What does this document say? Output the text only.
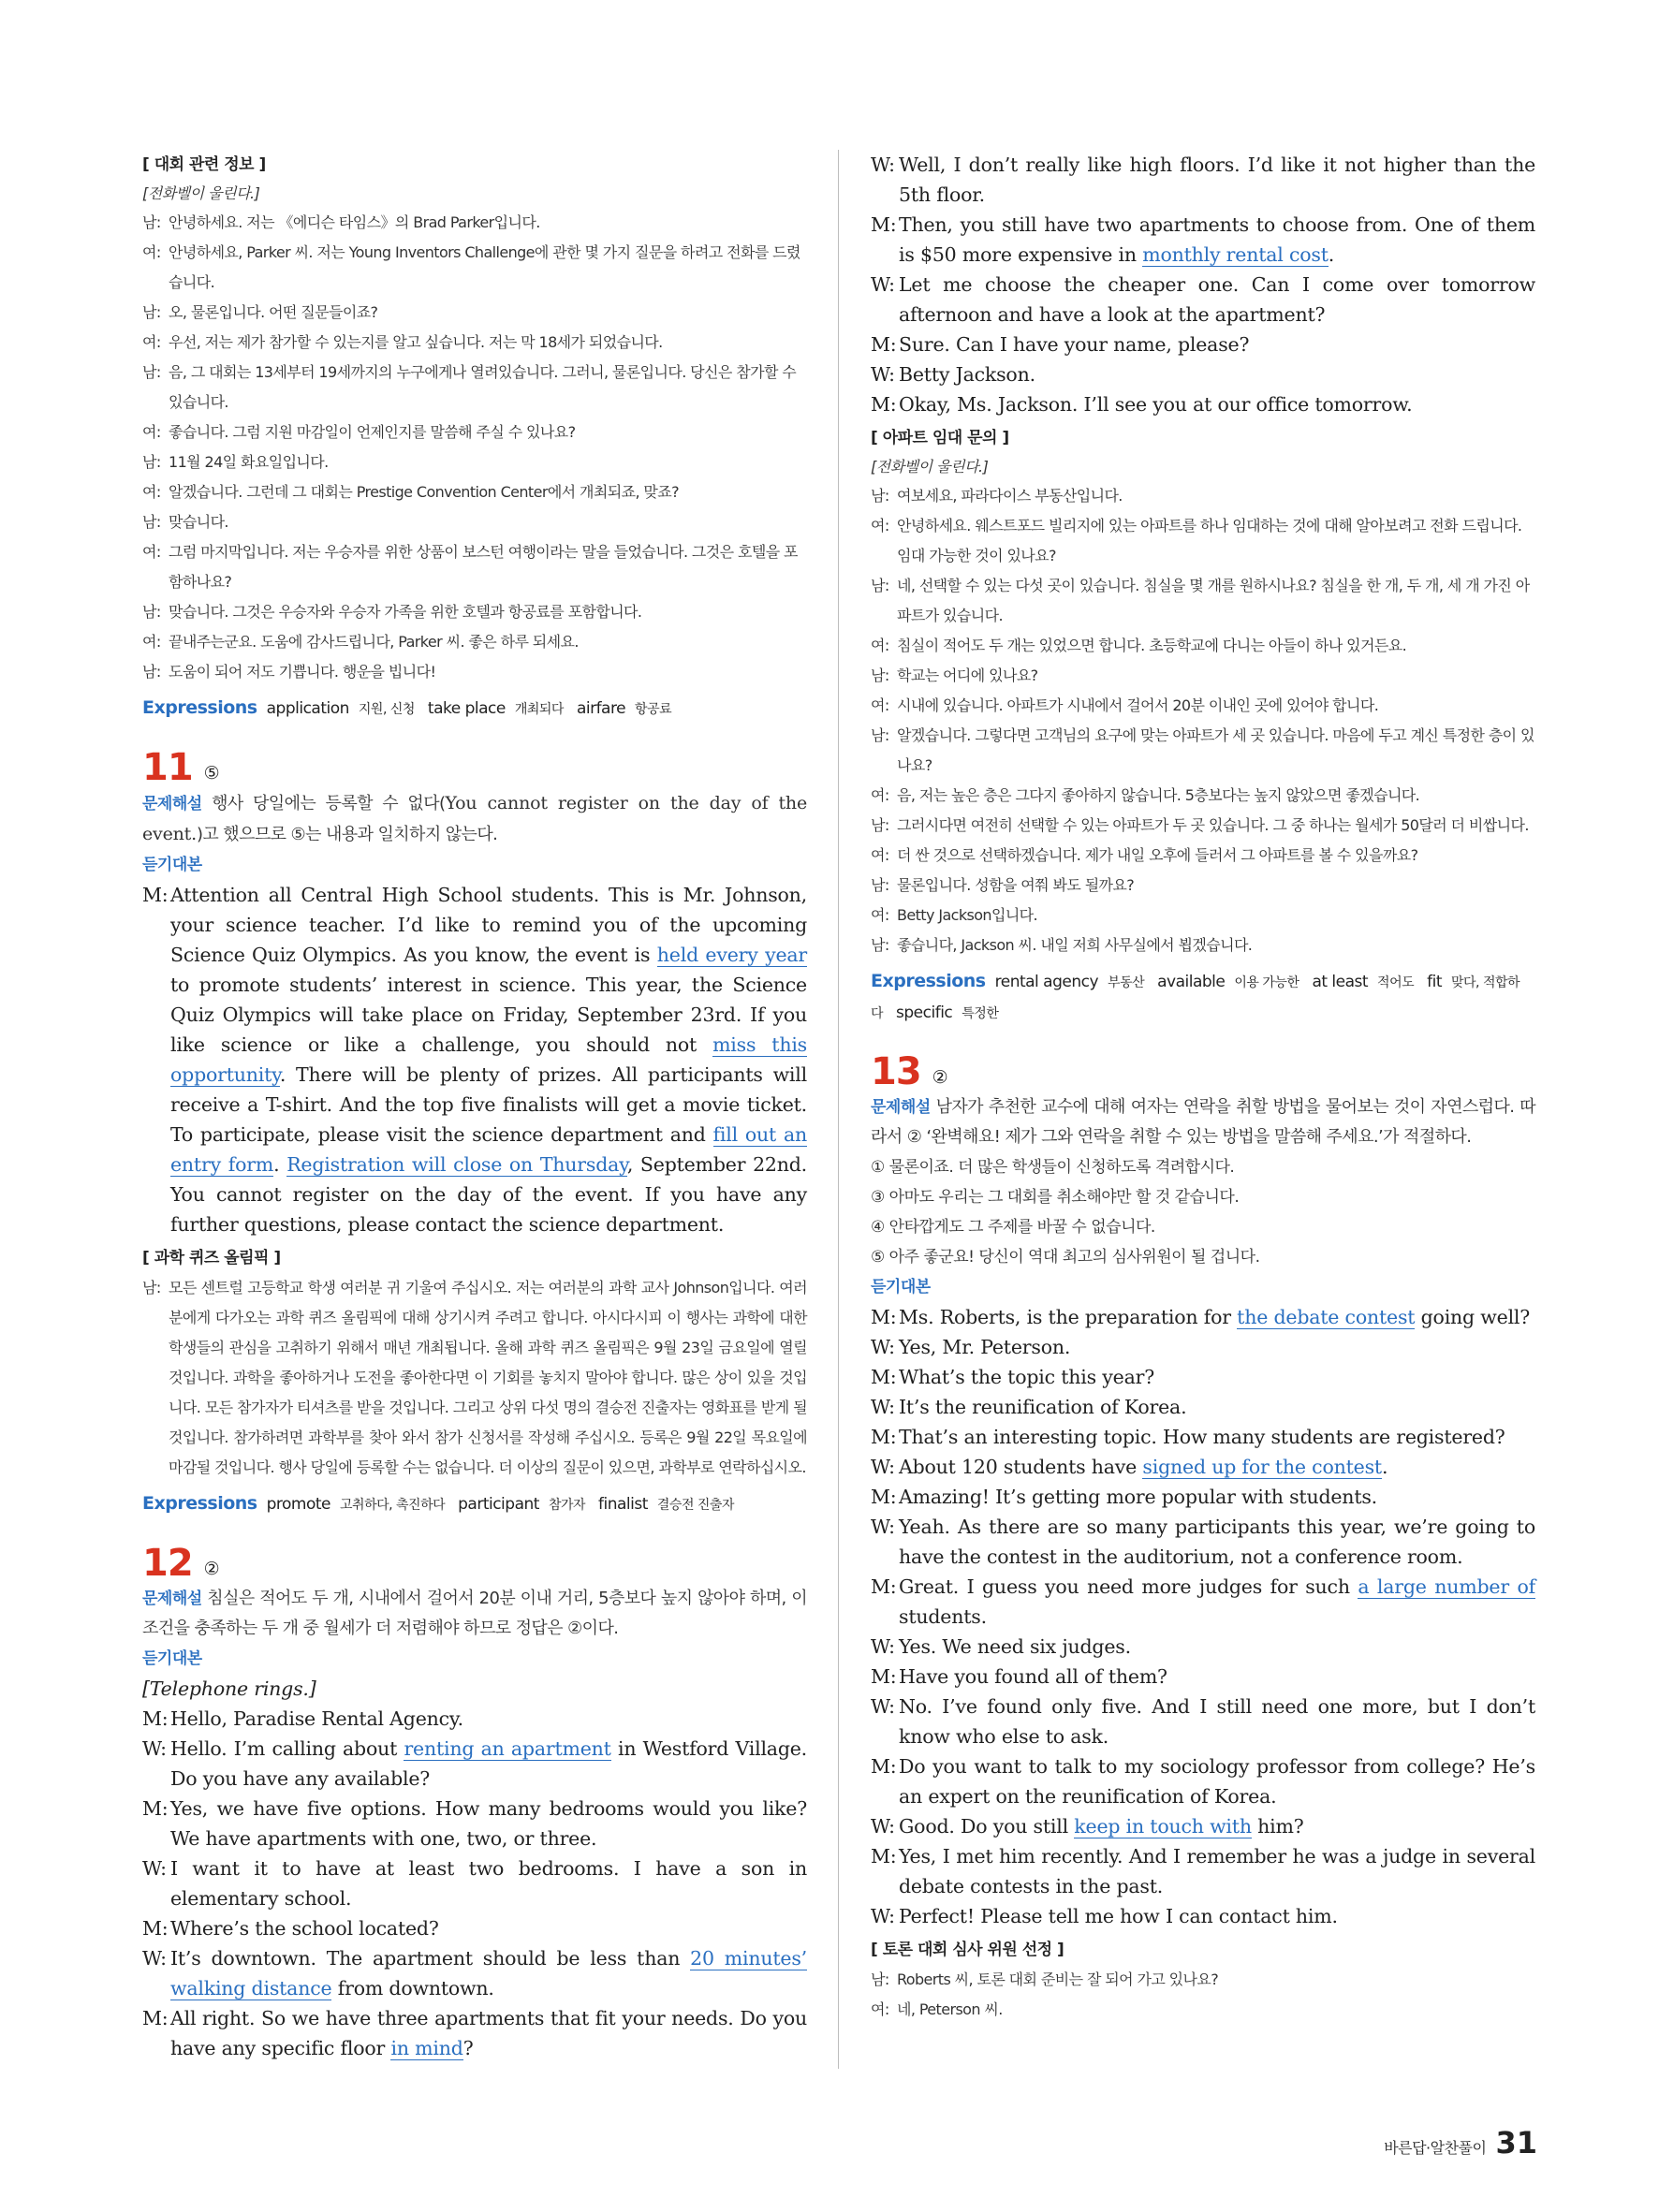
[ 대회 관련 정보 ]
[전화벨이 울린다.]
남: 안녕하세요. 저는 《에디슨 타임스》의 Brad Parker입니다.
여: 안녕하세요, Parker 씨. 저는 Young Inventors Challenge에 관한 몇 가지 질문을 하려고 전화를 드렸습니다.
남: 오, 물론입니다. 어떤 질문들이죠?
여: 우선, 저는 제가 참가할 수 있는지를 알고 싶습니다. 저는 막 18세가 되었습니다.
남: 음, 그 대회는 13세부터 19세까지의 누구에게나 열려있습니다. 그러니, 물론입니다. 당신은 참가할 수 있습니다.
여: 좋습니다. 그럼 지원 마감일이 언제인지를 말씀해 주실 수 있나요?
남: 11월 24일 화요일입니다.
여: 알겠습니다. 그런데 그 대회는 Prestige Convention Center에서 개최되죠, 맞죠?
남: 맞습니다.
여: 그럼 마지막입니다. 저는 우승자를 위한 상품이 보스턴 여행이라는 말을 들었습니다. 그것은 호텔을 포함하나요?
남: 맞습니다. 그것은 우승자와 우승자 가족을 위한 호텔과 항공료를 포함합니다.
여: 끝내주는군요. 도움에 감사드립니다, Parker 씨. 좋은 하루 되세요.
남: 도움이 되어 저도 기쁩니다. 행운을 빕니다!
Expressions application 지원, 신청 take place 개최되다 airfare 항공료
11 ⑤
문제해설 행사 당일에는 등록할 수 없다(You cannot register on the day of the event.)고 했으므로 ⑤는 내용과 일치하지 않는다.
듣기대본
M: Attention all Central High School students. This is Mr. Johnson, your science teacher. I’d like to remind you of the upcoming Science Quiz Olympics. As you know, the event is held every year to promote students’ interest in science. This year, the Science Quiz Olympics will take place on Friday, September 23rd. If you like science or like a challenge, you should not miss this opportunity. There will be plenty of prizes. All participants will receive a T-shirt. And the top five finalists will get a movie ticket. To participate, please visit the science department and fill out an entry form. Registration will close on Thursday, September 22nd. You cannot register on the day of the event. If you have any further questions, please contact the science department.
[ 과학 퀴즈 올림픽 ]
남: 모든 센트럴 고등학교 학생 여러분 귀 기울여 주십시오. 저는 여러분의 과학 교사 Johnson입니다. 여러분에게 다가오는 과학 퀴즈 올림픽에 대해 상기시켜 주려고 합니다. 아시다시피 이 행사는 과학에 대한 학생들의 관심을 고취하기 위해서 매년 개최됩니다. 올해 과학 퀴즈 올림픽은 9월 23일 금요일에 열릴 것입니다. 과학을 좋아하거나 도전을 좋아한다면 이 기회를 놓치지 말아야 합니다. 많은 상이 있을 것입니다. 모든 참가자가 티셔츠를 받을 것입니다. 그리고 상위 다섯 명의 결승전 진출자는 영화표를 받게 될 것입니다. 참가하려면 과학부를 찾아 와서 참가 신청서를 작성해 주십시오. 등록은 9월 22일 목요일에 마감될 것입니다. 행사 당일에 등록할 수는 없습니다. 더 이상의 질문이 있으면, 과학부로 연락하십시오.
Expressions promote 고취하다, 촉진하다 participant 참가자 finalist 결승전 진출자
12 ②
문제해설 침실은 적어도 두 개, 시내에서 걸어서 20분 이내 거리, 5층보다 높지 않아야 하며, 이 조건을 충족하는 두 개 중 월세가 더 저렴해야 하므로 정답은 ②이다.
듣기대본
[Telephone rings.]
M: Hello, Paradise Rental Agency.
W: Hello. I’m calling about renting an apartment in Westford Village. Do you have any available?
M: Yes, we have five options. How many bedrooms would you like? We have apartments with one, two, or three.
W: I want it to have at least two bedrooms. I have a son in elementary school.
M: Where’s the school located?
W: It’s downtown. The apartment should be less than 20 minutes’ walking distance from downtown.
M: All right. So we have three apartments that fit your needs. Do you have any specific floor in mind?
W: Well, I don’t really like high floors. I’d like it not higher than the 5th floor.
M: Then, you still have two apartments to choose from. One of them is $50 more expensive in monthly rental cost.
W: Let me choose the cheaper one. Can I come over tomorrow afternoon and have a look at the apartment?
M: Sure. Can I have your name, please?
W: Betty Jackson.
M: Okay, Ms. Jackson. I’ll see you at our office tomorrow.
[ 아파트 임대 문의 ]
[전화벨이 울린다.]
남: 여보세요, 파라다이스 부동산입니다.
여: 안녕하세요. 웨스트포드 빌리지에 있는 아파트를 하나 임대하는 것에 대해 알아보려고 전화 드립니다. 임대 가능한 것이 있나요?
남: 네, 선택할 수 있는 다섯 곳이 있습니다. 침실을 몇 개를 원하시나요? 침실을 한 개, 두 개, 세 개 가진 아파트가 있습니다.
여: 침실이 적어도 두 개는 있었으면 합니다. 초등학교에 다니는 아들이 하나 있거든요.
남: 학교는 어디에 있나요?
여: 시내에 있습니다. 아파트가 시내에서 걸어서 20분 이내인 곳에 있어야 합니다.
남: 알겠습니다. 그렇다면 고객님의 요구에 맞는 아파트가 세 곳 있습니다. 마음에 두고 계신 특정한 층이 있나요?
여: 음, 저는 높은 층은 그다지 좋아하지 않습니다. 5층보다는 높지 않았으면 좋겠습니다.
남: 그러시다면 여전히 선택할 수 있는 아파트가 두 곳 있습니다. 그 중 하나는 월세가 50달러 더 비쌉니다.
여: 더 싼 것으로 선택하겠습니다. 제가 내일 오후에 들러서 그 아파트를 볼 수 있을까요?
남: 물론입니다. 성함을 여쭤 봐도 될까요?
여: Betty Jackson입니다.
남: 좋습니다, Jackson 씨. 내일 저희 사무실에서 뵙겠습니다.
Expressions rental agency 부동산 available 이용 가능한 at least 적어도 fit 맞다, 적합하다 specific 특정한
13 ②
문제해설 남자가 추천한 교수에 대해 여자는 연락을 취할 방법을 물어보는 것이 자연스럽다. 따라서 ② ‘완벽해요! 제가 그와 연락을 취할 수 있는 방법을 말씀해 주세요.’가 적절하다.
① 물론이죠. 더 많은 학생들이 신청하도록 격려합시다.
③ 아마도 우리는 그 대회를 취소해야만 할 것 같습니다.
④ 안타깝게도 그 주제를 바꿀 수 없습니다.
⑤ 아주 좋군요! 당신이 역대 최고의 심사위원이 될 겁니다.
듣기대본
M: Ms. Roberts, is the preparation for the debate contest going well?
W: Yes, Mr. Peterson.
M: What’s the topic this year?
W: It’s the reunification of Korea.
M: That’s an interesting topic. How many students are registered?
W: About 120 students have signed up for the contest.
M: Amazing! It’s getting more popular with students.
W: Yeah. As there are so many participants this year, we’re going to have the contest in the auditorium, not a conference room.
M: Great. I guess you need more judges for such a large number of students.
W: Yes. We need six judges.
M: Have you found all of them?
W: No. I’ve found only five. And I still need one more, but I don’t know who else to ask.
M: Do you want to talk to my sociology professor from college? He’s an expert on the reunification of Korea.
W: Good. Do you still keep in touch with him?
M: Yes, I met him recently. And I remember he was a judge in several debate contests in the past.
W: Perfect! Please tell me how I can contact him.
[ 토론 대회 심사 위원 선정 ]
남: Roberts 씨, 토론 대회 준비는 잘 되어 가고 있나요?
여: 네, Peterson 씨.
바른답·알찬풀이 31
